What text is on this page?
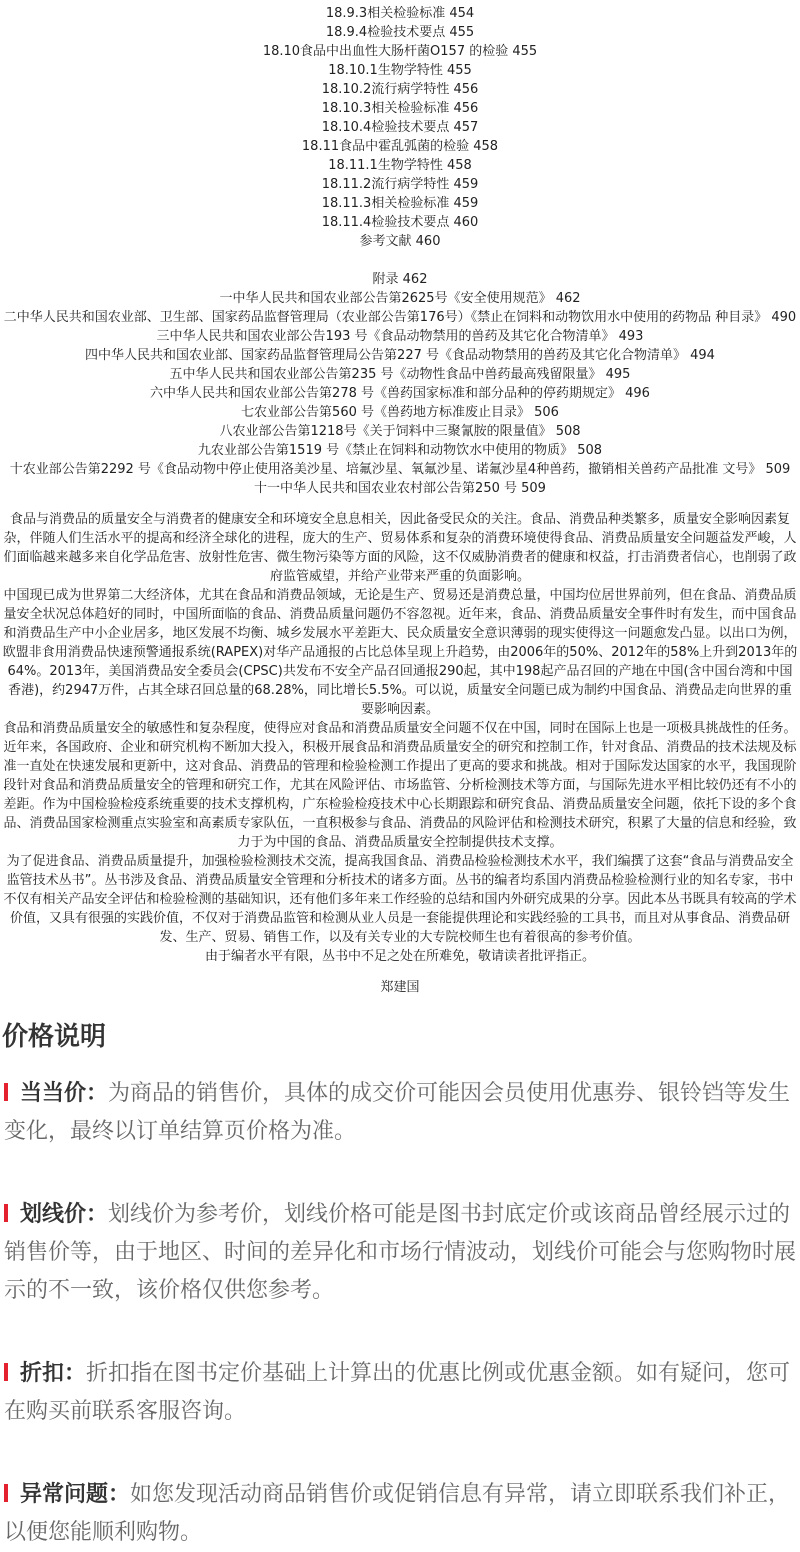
18.9.3相关检验标准 454
18.9.4检验技术要点 455
18.10食品中出血性大肠杆菌O157 的检验 455
18.10.1生物学特性 455
18.10.2流行病学特性 456
18.10.3相关检验标准 456
18.10.4检验技术要点 457
18.11食品中霍乱弧菌的检验 458
18.11.1生物学特性 458
18.11.2流行病学特性 459
18.11.3相关检验标准 459
18.11.4检验技术要点 460
参考文献 460
附录 462
一中华人民共和国农业部公告第2625号《安全使用规范》 462
二中华人民共和国农业部、卫生部、国家药品监督管理局（农业部公告第176号）《禁止在饲料和动物饮用水中使用的药物品 种目录》 490
三中华人民共和国农业部公告193 号《食品动物禁用的兽药及其它化合物清单》 493
四中华人民共和国农业部、国家药品监督管理局公告第227 号《食品动物禁用的兽药及其它化合物清单》 494
五中华人民共和国农业部公告第235 号《动物性食品中兽药最高残留限量》 495
六中华人民共和国农业部公告第278 号《兽药国家标准和部分品种的停药期规定》 496
七农业部公告第560 号《兽药地方标准废止目录》 506
八农业部公告第1218号《关于饲料中三聚氰胺的限量值》 508
九农业部公告第1519 号《禁止在饲料和动物饮水中使用的物质》 508
十农业部公告第2292 号《食品动物中停止使用洛美沙星、培氟沙星、氧氟沙星、诺氟沙星4种兽药，撤销相关兽药产品批准 文号》 509
十一中华人民共和国农业农村部公告第250 号 509

食品与消费品的质量安全与消费者的健康安全和环境安全息息相关，因此备受民众的关注。食品、消费品种类繁多，质量安全影响因素复杂，伴随人们生活水平的提高和经济全球化的进程，庞大的生产、贸易体系和复杂的消费环境使得食品、消费品质量安全问题益发严峻，人们面临越来越多来自化学品危害、放射性危害、微生物污染等方面的风险，这不仅威胁消费者的健康和权益，打击消费者信心，也削弱了政府监管威望，并给产业带来严重的负面影响。

中国现已成为世界第二大经济体，尤其在食品和消费品领域，无论是生产、贸易还是消费总量，中国均位居世界前列，但在食品、消费品质量安全状况总体趋好的同时，中国所面临的食品、消费品质量问题仍不容忽视。近年来，食品、消费品质量安全事件时有发生，而中国食品和消费品生产中小企业居多，地区发展不均衡、城乡发展水平差距大、民众质量安全意识薄弱的现实使得这一问题愈发凸显。以出口为例，欧盟非食用消费品快速预警通报系统(RAPEX)对华产品通报的占比总体呈现上升趋势，由2006年的50%、2012年的58%上升到2013年的64%。2013年，美国消费品安全委员会(CPSC)共发布不安全产品召回通报290起，其中198起产品召回的产地在中国(含中国台湾和中国香港)，约2947万件，占其全球召回总量的68.28%，同比增长5.5%。可以说，质量安全问题已成为制约中国食品、消费品走向世界的重要影响因素。

食品和消费品质量安全的敏感性和复杂程度，使得应对食品和消费品质量安全问题不仅在中国，同时在国际上也是一项极具挑战性的任务。近年来，各国政府、企业和研究机构不断加大投入，积极开展食品和消费品质量安全的研究和控制工作，针对食品、消费品的技术法规及标准一直处在快速发展和更新中，这对食品、消费品的管理和检验检测工作提出了更高的要求和挑战。相对于国际发达国家的水平，我国现阶段针对食品和消费品质量安全的管理和研究工作，尤其在风险评估、市场监管、分析检测技术等方面，与国际先进水平相比较仍还有不小的差距。作为中国检验检疫系统重要的技术支撑机构，广东检验检疫技术中心长期跟踪和研究食品、消费品质量安全问题，依托下设的多个食品、消费品国家检测重点实验室和高素质专家队伍，一直积极参与食品、消费品的风险评估和检测技术研究，积累了大量的信息和经验，致力于为中国的食品、消费品质量安全控制提供技术支撑。

为了促进食品、消费品质量提升，加强检验检测技术交流，提高我国食品、消费品检验检测技术水平，我们编撰了这套“食品与消费品安全监管技术丛书”。丛书涉及食品、消费品质量安全管理和分析技术的诸多方面。丛书的编者均系国内消费品检验检测行业的知名专家，书中不仅有相关产品安全评估和检验检测的基础知识，还有他们多年来工作经验的总结和国内外研究成果的分享。因此本丛书既具有较高的学术价值，又具有很强的实践价值，不仅对于消费品监管和检测从业人员是一套能提供理论和实践经验的工具书，而且对从事食品、消费品研发、生产、贸易、销售工作，以及有关专业的大专院校师生也有着很高的参考价值。

由于编者水平有限，丛书中不足之处在所难免，敬请读者批评指正。

郑建国
价格说明
当当价：为商品的销售价，具体的成交价可能因会员使用优惠券、银铃铛等发生变化，最终以订单结算页价格为准。
划线价：划线价为参考价，划线价格可能是图书封底定价或该商品曾经展示过的销售价等，由于地区、时间的差异化和市场行情波动，划线价可能会与您购物时展示的不一致，该价格仅供您参考。
折扣：折扣指在图书定价基础上计算出的优惠比例或优惠金额。如有疑问，您可在购买前联系客服咨询。
异常问题：如您发现活动商品销售价或促销信息有异常，请立即联系我们补正，以便您能顺利购物。
